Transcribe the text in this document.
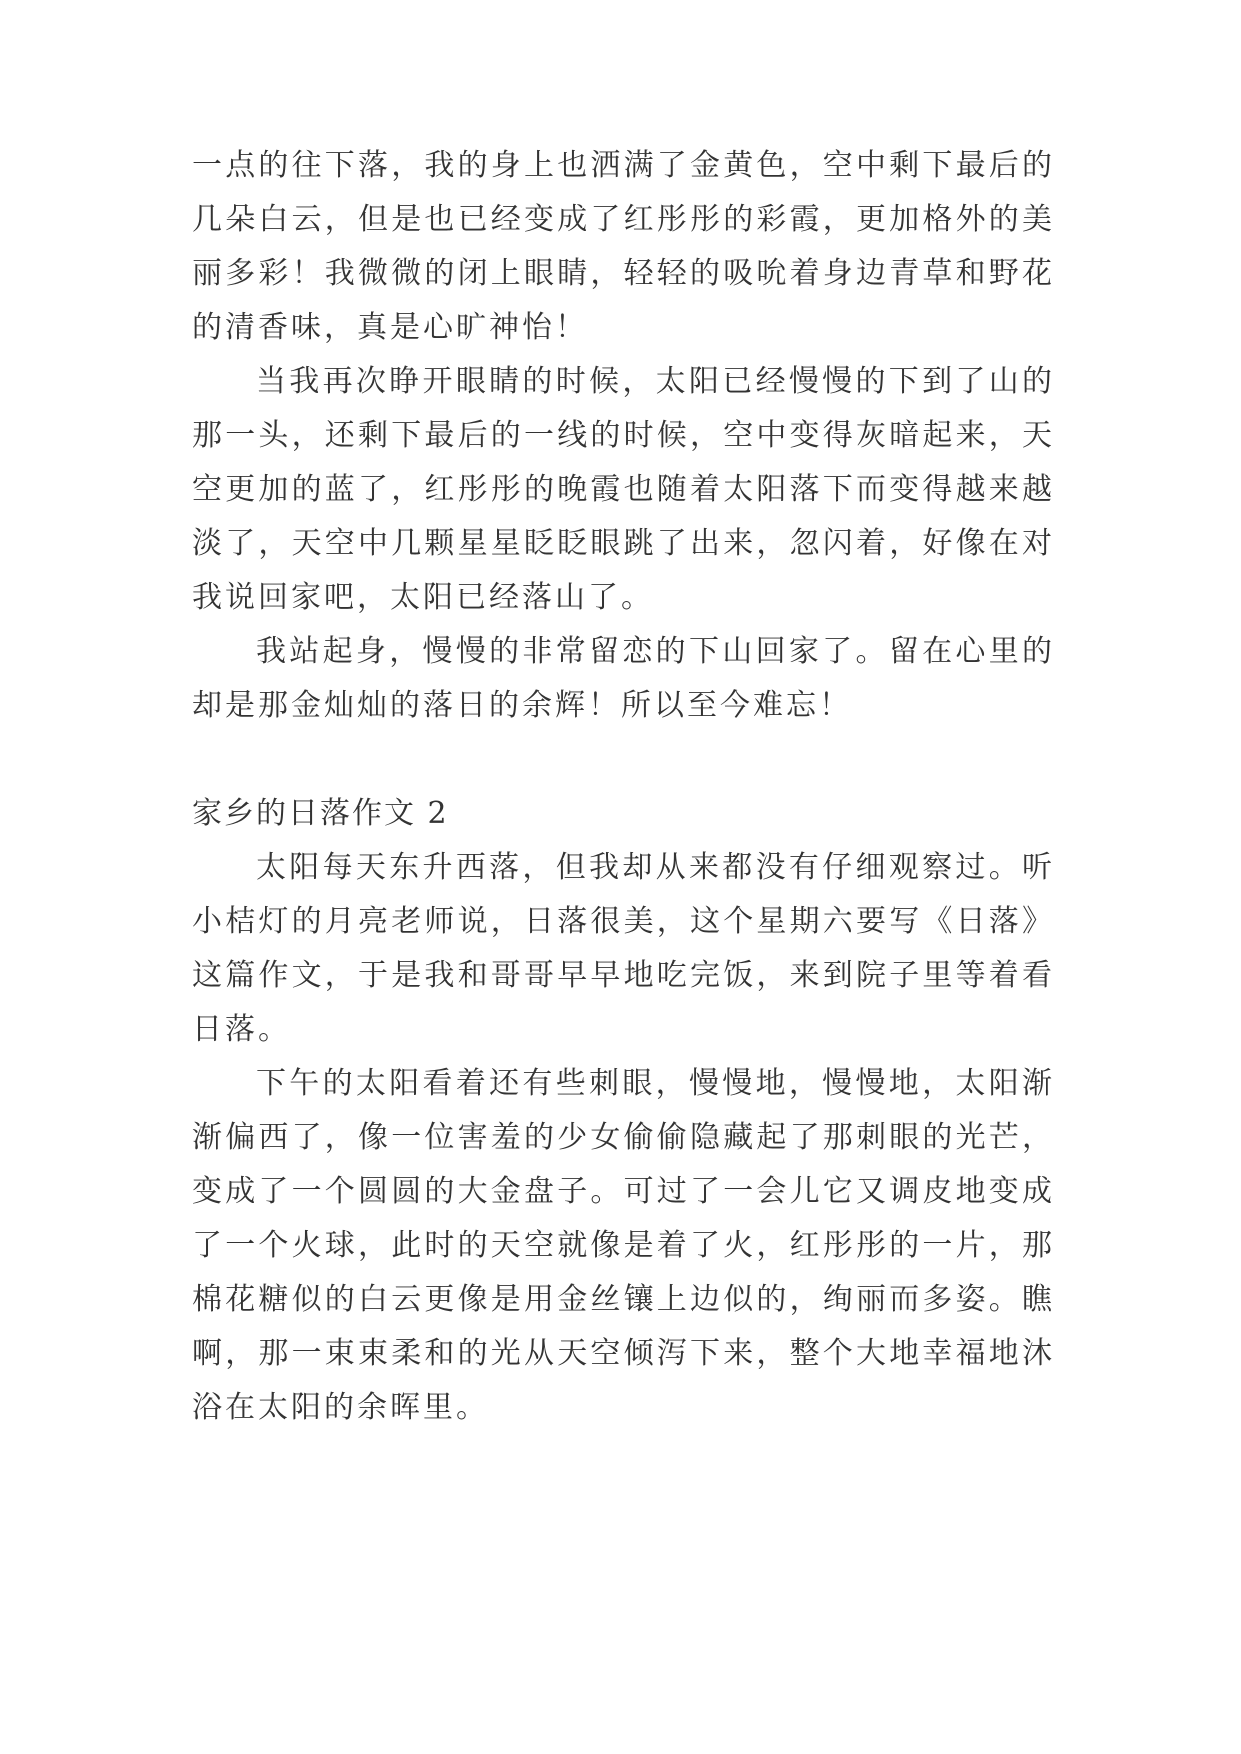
一点的往下落，我的身上也洒满了金黄色，空中剩下最后的
几朵白云，但是也已经变成了红彤彤的彩霞，更加格外的美
丽多彩！我微微的闭上眼睛，轻轻的吸吮着身边青草和野花
的清香味，真是心旷神怡！
当我再次睁开眼睛的时候，太阳已经慢慢的下到了山的
那一头，还剩下最后的一线的时候，空中变得灰暗起来，天
空更加的蓝了，红彤彤的晚霞也随着太阳落下而变得越来越
淡了，天空中几颗星星眨眨眼跳了出来，忽闪着，好像在对
我说回家吧，太阳已经落山了。
我站起身，慢慢的非常留恋的下山回家了。留在心里的
却是那金灿灿的落日的余辉！所以至今难忘！
家乡的日落作文 2
太阳每天东升西落，但我却从来都没有仔细观察过。听
小桔灯的月亮老师说，日落很美，这个星期六要写《日落》
这篇作文，于是我和哥哥早早地吃完饭，来到院子里等着看
日落。
下午的太阳看着还有些刺眼，慢慢地，慢慢地，太阳渐
渐偏西了，像一位害羞的少女偷偷隐藏起了那刺眼的光芒，
变成了一个圆圆的大金盘子。可过了一会儿它又调皮地变成
了一个火球，此时的天空就像是着了火，红彤彤的一片，那
棉花糖似的白云更像是用金丝镶上边似的，绚丽而多姿。瞧
啊，那一束束柔和的光从天空倾泻下来，整个大地幸福地沐
浴在太阳的余晖里。
